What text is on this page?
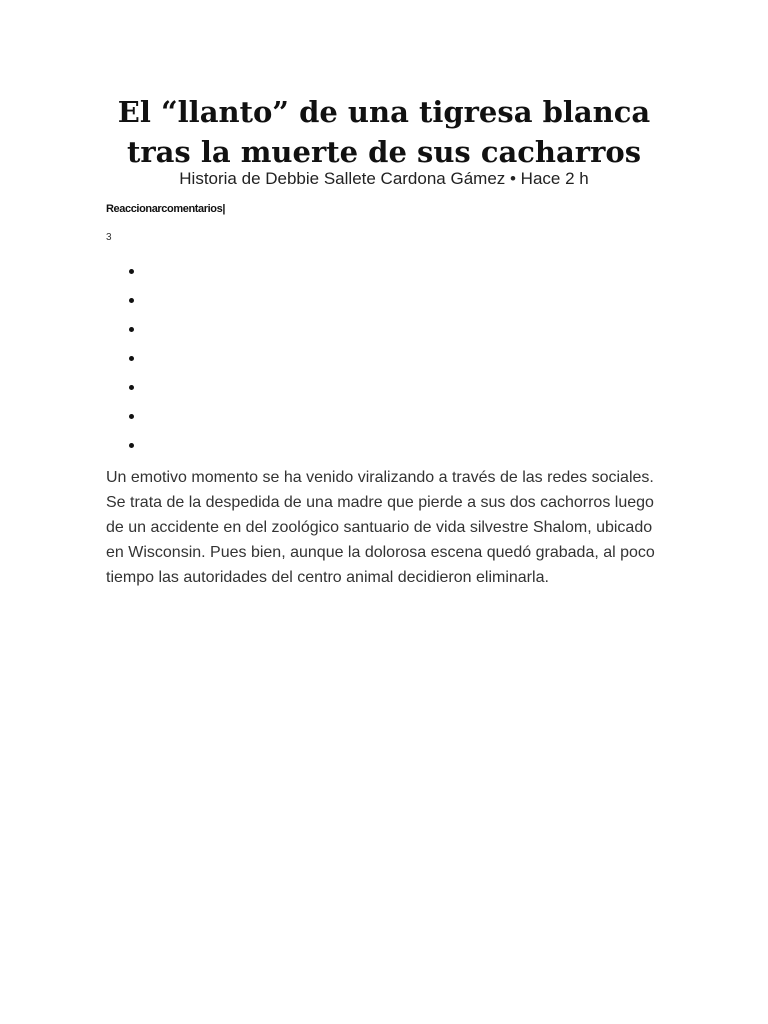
El “llanto” de una tigresa blanca tras la muerte de sus cacharros
Historia de Debbie Sallete Cardona Gámez • Hace 2 h
Reaccionarcomentarios|
3

Un emotivo momento se ha venido viralizando a través de las redes sociales. Se trata de la despedida de una madre que pierde a sus dos cachorros luego de un accidente en del zoológico santuario de vida silvestre Shalom, ubicado en Wisconsin. Pues bien, aunque la dolorosa escena quedó grabada, al poco tiempo las autoridades del centro animal decidieron eliminarla.
